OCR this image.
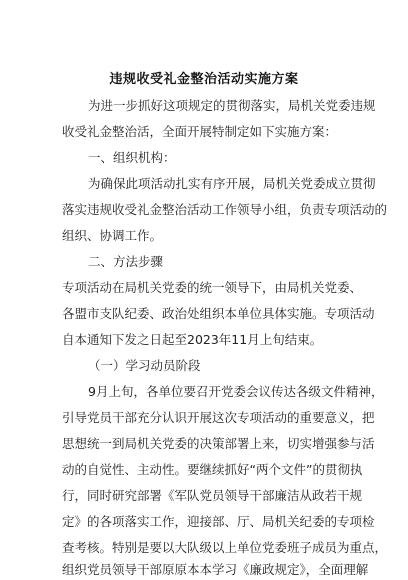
违规收受礼金整治活动实施方案
为进一步抓好这项规定的贯彻落实，局机关党委违规
收受礼金整治活，全面开展特制定如下实施方案：
一、组织机构：
为确保此项活动扎实有序开展，局机关党委成立贯彻
落实违规收受礼金整治活动工作领导小组，负责专项活动的
组织、协调工作。
二、方法步骤
专项活动在局机关党委的统一领导下，由局机关党委、
各盟市支队纪委、政治处组织本单位具体实施。专项活动
自本通知下发之日起至2023年11月上旬结束。
（一）学习动员阶段
9月上旬，各单位要召开党委会议传达各级文件精神，
引导党员干部充分认识开展这次专项活动的重要意义，把
思想统一到局机关党委的决策部署上来，切实增强参与活
动的自觉性、主动性。要继续抓好“两个文件”的贯彻执
行，同时研究部署《军队党员领导干部廉洁从政若干规
定》的各项落实工作，迎接部、厅、局机关纪委的专项检
查考核。特别是要以大队级以上单位党委班子成员为重点，
组织党员领导干部原原本本学习《廉政规定》，全面理解
